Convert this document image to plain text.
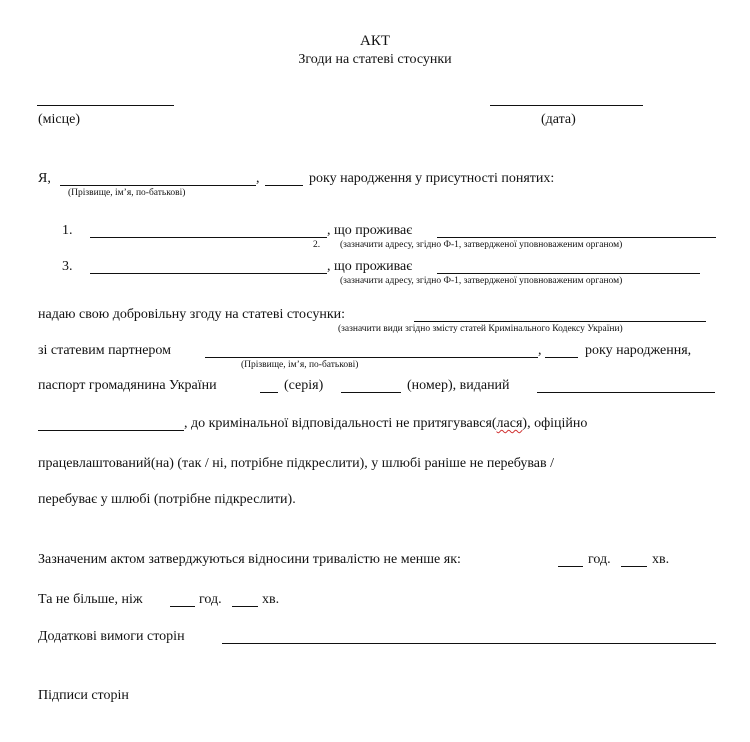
АКТ
Згоди на статеві стосунки
(місце)	(дата)
Я,	,	року народження у присутності понятих:
(Прізвище, ім’я, по-батькові)
1.	, що проживає
2. (зазначити адресу, згідно Ф-1, затвердженої уповноваженим органом)
3.	, що проживає
(зазначити адресу, згідно Ф-1, затвердженої уповноваженим органом)
надаю свою добровільну згоду на статеві стосунки:
(зазначити види згідно змісту статей Кримінального Кодексу України)
зі статевим партнером	,	року народження,
(Прізвище, ім’я, по-батькові)
паспорт громадянина України	(серія)	(номер), виданий
, до кримінальної відповідальності не притягувався(лася), офіційно
працевлаштований(на) (так / ні, потрібне підкреслити), у шлюбі раніше не перебував /
перебуває у шлюбі (потрібне підкреслити).
Зазначеним актом затверджуються відносини тривалістю не менше як:	год.	хв.
Та не більше, ніж	год.	хв.
Додаткові вимоги сторін
Підписи сторін
